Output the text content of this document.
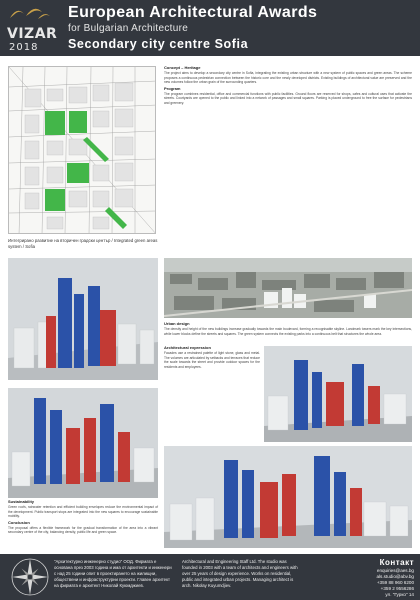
VIZAR
2018
European Architectural Awards
for Bulgarian Architecture
Secondary city centre Sofia
Интегрирано развитие на вторичен градски център / Integrated green areas system / Sofia
Concept – Heritage
The project aims to develop a secondary city centre in Sofia, integrating the existing urban structure with a new system of public spaces and green areas. The scheme proposes a continuous pedestrian connection between the historic core and the newly developed districts. Existing buildings of architectural value are preserved and the new volumes follow the urban grain of the surrounding quarters.
Program
The program combines residential, office and commercial functions with public facilities. Ground floors are reserved for shops, cafes and cultural uses that activate the streets. Courtyards are opened to the public and linked into a network of passages and small squares. Parking is placed underground to free the surface for pedestrians and greenery.
Urban design
The density and height of the new buildings increase gradually towards the main boulevard, forming a recognisable skyline. Landmark towers mark the key intersections, while lower blocks define the streets and squares. The green system connects the existing parks into a continuous belt that structures the whole area.
Architectural expression
Facades use a restrained palette of light stone, glass and metal. The volumes are articulated by setbacks and terraces that reduce the scale towards the street and provide outdoor spaces for the residents and employees.
Sustainability
Green roofs, rainwater retention and efficient building envelopes reduce the environmental impact of the development. Public transport stops are integrated into the new squares to encourage sustainable mobility.
Conclusion
The proposal offers a flexible framework for the gradual transformation of the area into a vibrant secondary centre of the city, balancing density, public life and green space.
"Архитектурно инженерно студио" ООД. Фирмата е основана през 2003 година и има от архитекти и инженери с над 25 години опит в проектирането на жилищни, обществени и инфраструктурни проекти. Главен архитект на фирмата е архитект Николай Куюмджиев.
Architectural and Engineering Staff Ltd. The studio was founded in 2003 with a team of architects and engineers with over 25 years of design experience. Works on residential, public and integrated urban projects. Managing architect is arch. Nikolay Kuyumdjiev.
Контакт
enquiries@aes.bg
als.studio@abv.bg
+359 88 960 6200
+359 2 9556286
ул. "Гурко" 14
